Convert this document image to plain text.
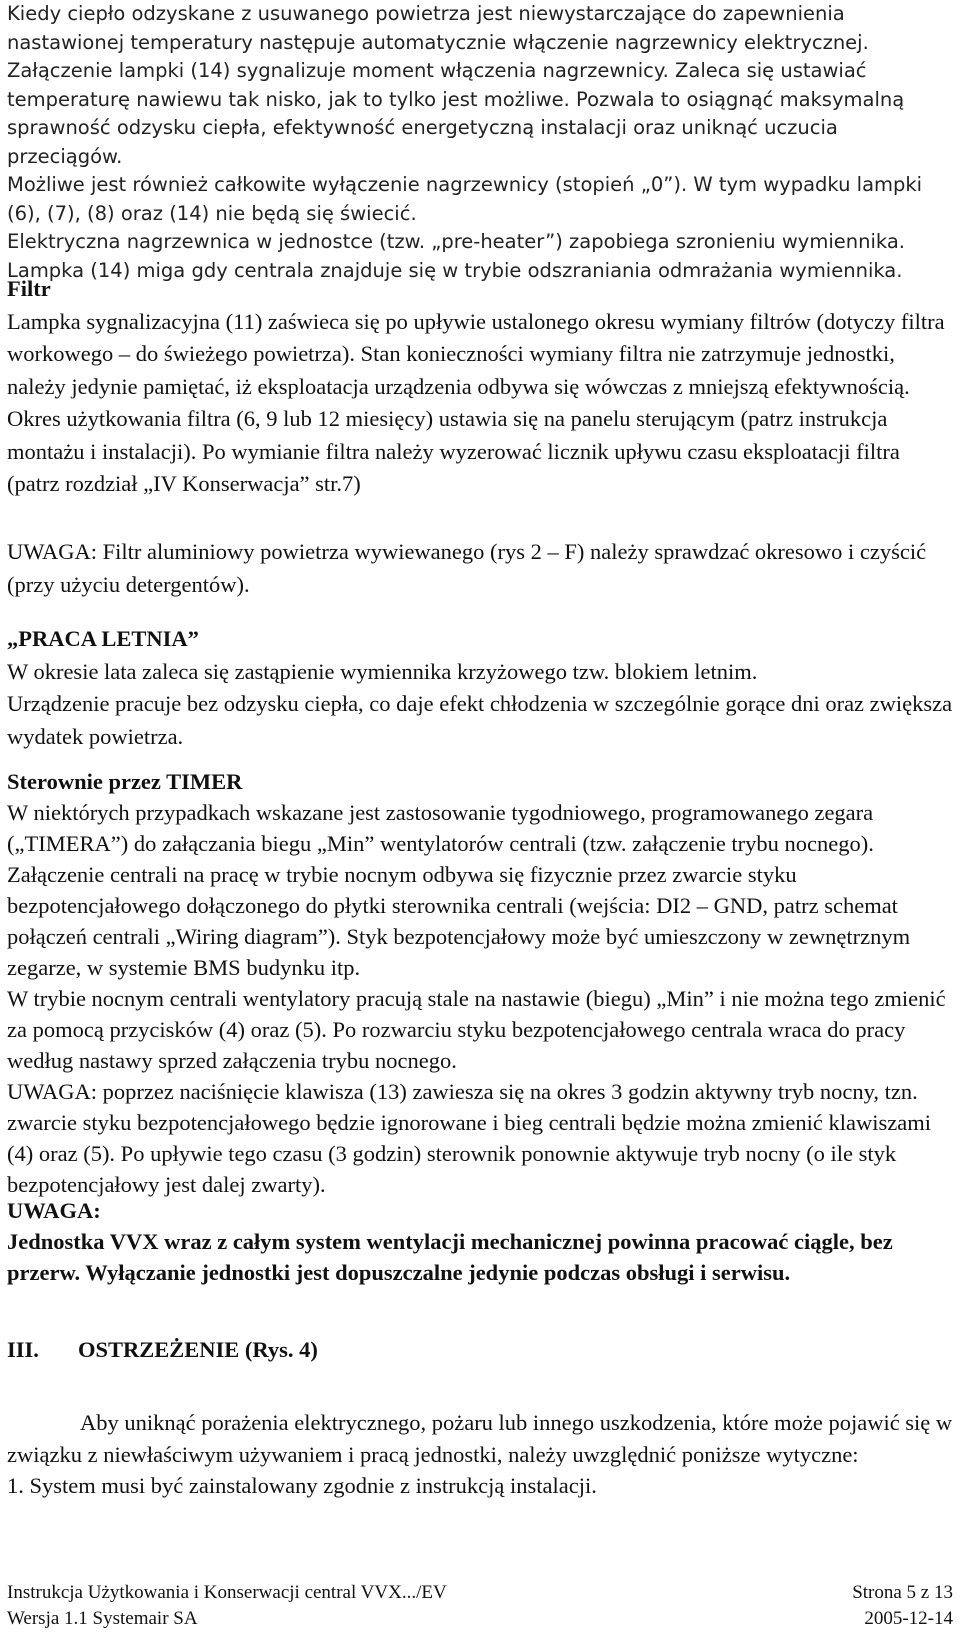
Kiedy ciepło odzyskane z usuwanego powietrza jest niewystarczające do zapewnienia nastawionej temperatury następuje automatycznie włączenie nagrzewnicy elektrycznej. Załączenie lampki (14) sygnalizuje moment włączenia nagrzewnicy. Zaleca się ustawiać temperaturę nawiewu tak nisko, jak to tylko jest możliwe. Pozwala to osiągnąć maksymalną sprawność odzysku ciepła, efektywność energetyczną instalacji oraz uniknąć uczucia przeciągów.

Możliwe jest również całkowite wyłączenie nagrzewnicy (stopień „0”). W tym wypadku lampki (6), (7), (8) oraz (14) nie będą się świecić.

Elektryczna nagrzewnica w jednostce (tzw. „pre-heater”) zapobiega szronieniu wymiennika.

Lampka (14) miga gdy centrala znajduje się w trybie odszraniania odmrażania wymiennika.

Filtr

Lampka sygnalizacyjna (11) zaświeca się po upływie ustalonego okresu wymiany filtrów (dotyczy filtra workowego – do świeżego powietrza). Stan konieczności wymiany filtra nie zatrzymuje jednostki, należy jedynie pamiętać, iż eksploatacja urządzenia odbywa się wówczas z mniejszą efektywnością. Okres użytkowania filtra (6, 9 lub 12 miesięcy) ustawia się na panelu sterującym (patrz instrukcja montażu i instalacji). Po wymianie filtra należy wyzerować licznik upływu czasu eksploatacji filtra (patrz rozdział „IV Konserwacja” str.7)

UWAGA: Filtr aluminiowy powietrza wywiewanego (rys 2 – F) należy sprawdzać okresowo i czyścić (przy użyciu detergentów).

„PRACA LETNIA”

W okresie lata zaleca się zastąpienie wymiennika krzyżowego tzw. blokiem letnim.

Urządzenie pracuje bez odzysku ciepła, co daje efekt chłodzenia w szczególnie gorące dni oraz zwiększa wydatek powietrza.

Sterownie przez TIMER

W niektórych przypadkach wskazane jest zastosowanie tygodniowego, programowanego zegara („TIMERA”) do załączania biegu „Min” wentylatorów centrali (tzw. załączenie trybu nocnego). Załączenie centrali na pracę w trybie nocnym odbywa się fizycznie przez zwarcie styku bezpotencjałowego dołączonego do płytki sterownika centrali (wejścia: DI2 – GND, patrz schemat połączeń centrali „Wiring diagram”). Styk bezpotencjałowy może być umieszczony w zewnętrznym zegarze, w systemie BMS budynku itp.

W trybie nocnym centrali wentylatory pracują stale na nastawie (biegu) „Min” i nie można tego zmienić za pomocą przycisków (4) oraz (5). Po rozwarciu styku bezpotencjałowego centrala wraca do pracy według nastawy sprzed załączenia trybu nocnego.

UWAGA: poprzez naciśnięcie klawisza (13) zawiesza się na okres 3 godzin aktywny tryb nocny, tzn. zwarcie styku bezpotencjałowego będzie ignorowane i bieg centrali będzie można zmienić klawiszami (4) oraz (5). Po upływie tego czasu (3 godzin) sterownik ponownie aktywuje tryb nocny (o ile styk bezpotencjałowy jest dalej zwarty).

UWAGA:

Jednostka VVX wraz z całym system wentylacji mechanicznej powinna pracować ciągle, bez przerw. Wyłączanie jednostki jest dopuszczalne jedynie podczas obsługi i serwisu.

III. OSTRZEŻENIE (Rys. 4)

Aby uniknąć porażenia elektrycznego, pożaru lub innego uszkodzenia, które może pojawić się w związku z niewłaściwym używaniem i pracą jednostki, należy uwzględnić poniższe wytyczne:

1. System musi być zainstalowany zgodnie z instrukcją instalacji.

Instrukcja Użytkowania i Konserwacji central VVX.../EV	Strona 5 z 13
Wersja 1.1 Systemair SA	2005-12-14
